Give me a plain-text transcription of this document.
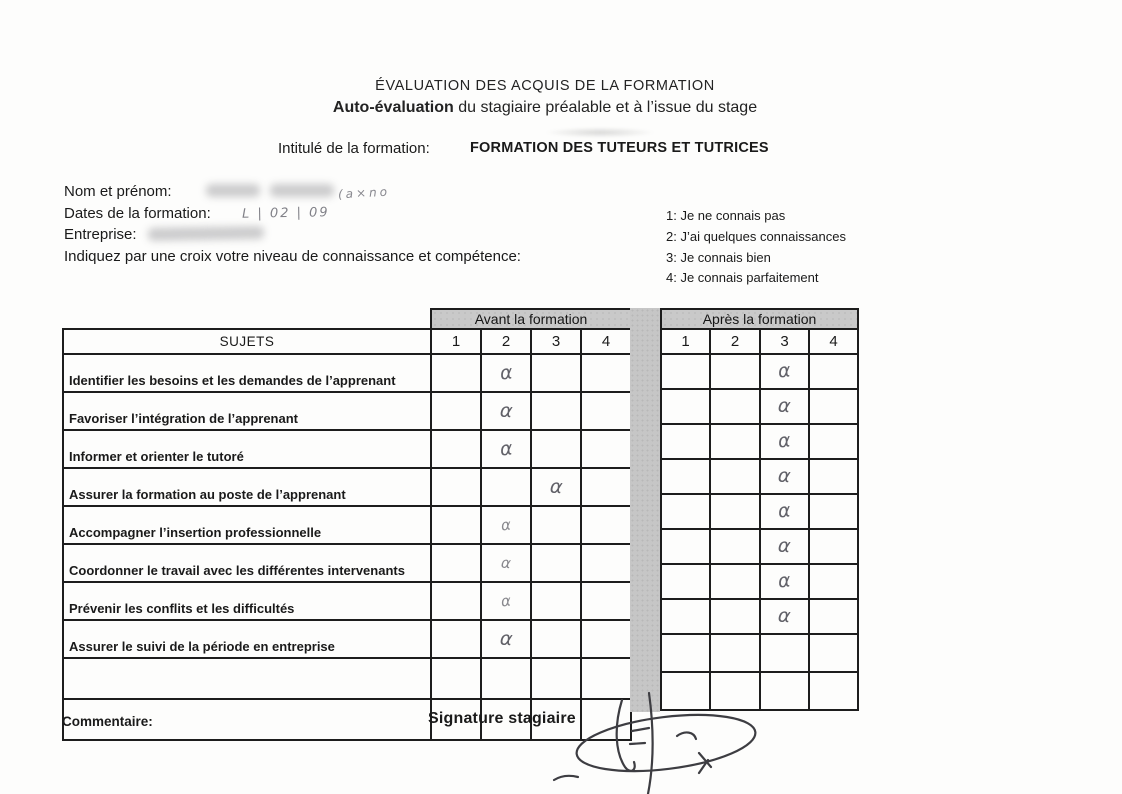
ÉVALUATION DES ACQUIS DE LA FORMATION
Auto-évaluation du stagiaire préalable et à l’issue du stage
Intitulé de la formation:	FORMATION DES TUTEURS ET TUTRICES
Nom et prénom:	(a×no
Dates de la formation: L | 02 | 09
Entreprise:
Indiquez par une croix votre niveau de connaissance et compétence:
1: Je ne connais pas
2: J’ai quelques connaissances
3: Je connais bien
4: Je connais parfaitement
	Avant la formation			
SUJETS	1	2	3	4
Identifier les besoins et les demandes de l’apprenant		α		
Favoriser l’intégration de l’apprenant		α		
Informer et orienter le tutoré		α		
Assurer la formation au poste de l’apprenant			α	
Accompagner l’insertion professionnelle		α		
Coordonner le travail avec les différentes intervenants		α		
Prévenir les conflits et les difficultés		α		
Assurer le suivi de la période en entreprise		α		

Après la formation			
1	2	3	4
		α	
		α	
		α	
		α	
		α	
		α	
		α	
		α	

Commentaire:	Signature stagiaire
